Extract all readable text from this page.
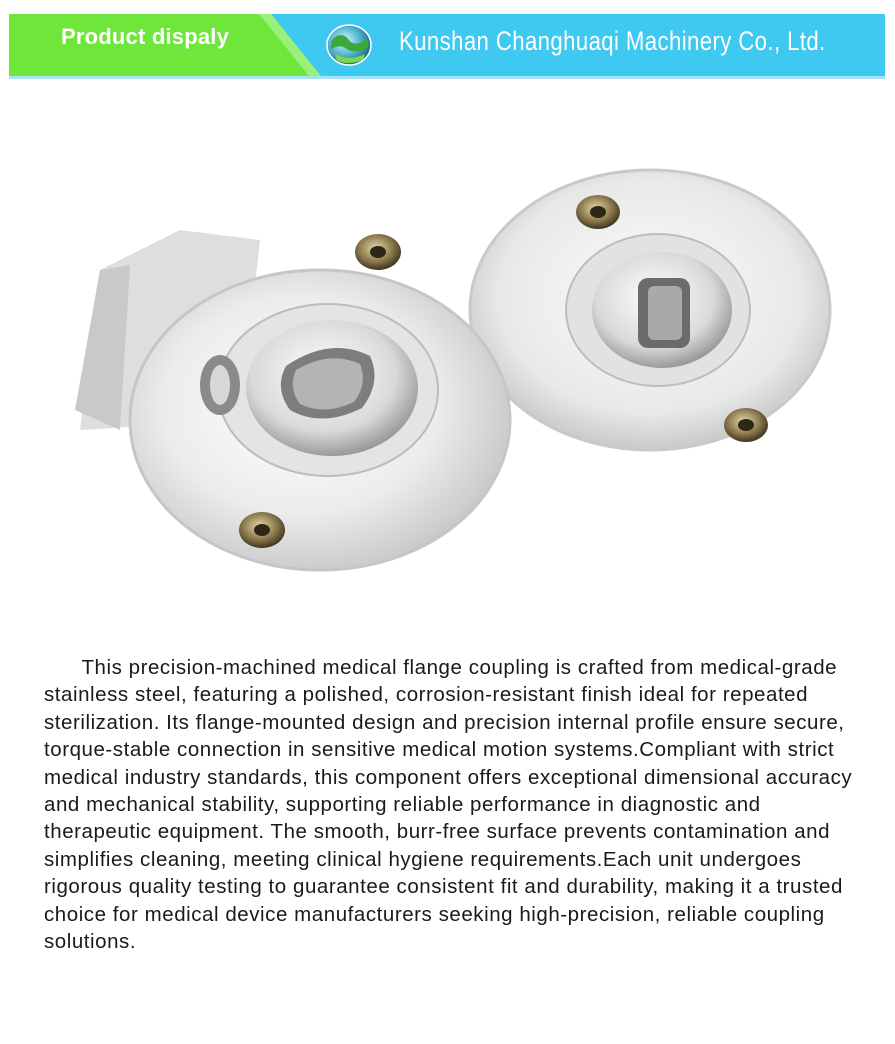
Product dispaly	Kunshan Changhuaqi Machinery Co., Ltd.

This precision-machined medical flange coupling is crafted from medical-grade stainless steel, featuring a polished, corrosion-resistant finish ideal for repeated sterilization. Its flange-mounted design and precision internal profile ensure secure, torque-stable connection in sensitive medical motion systems.Compliant with strict medical industry standards, this component offers exceptional dimensional accuracy and mechanical stability, supporting reliable performance in diagnostic and therapeutic equipment. The smooth, burr-free surface prevents contamination and simplifies cleaning, meeting clinical hygiene requirements.Each unit undergoes rigorous quality testing to guarantee consistent fit and durability, making it a trusted choice for medical device manufacturers seeking high-precision, reliable coupling solutions.
